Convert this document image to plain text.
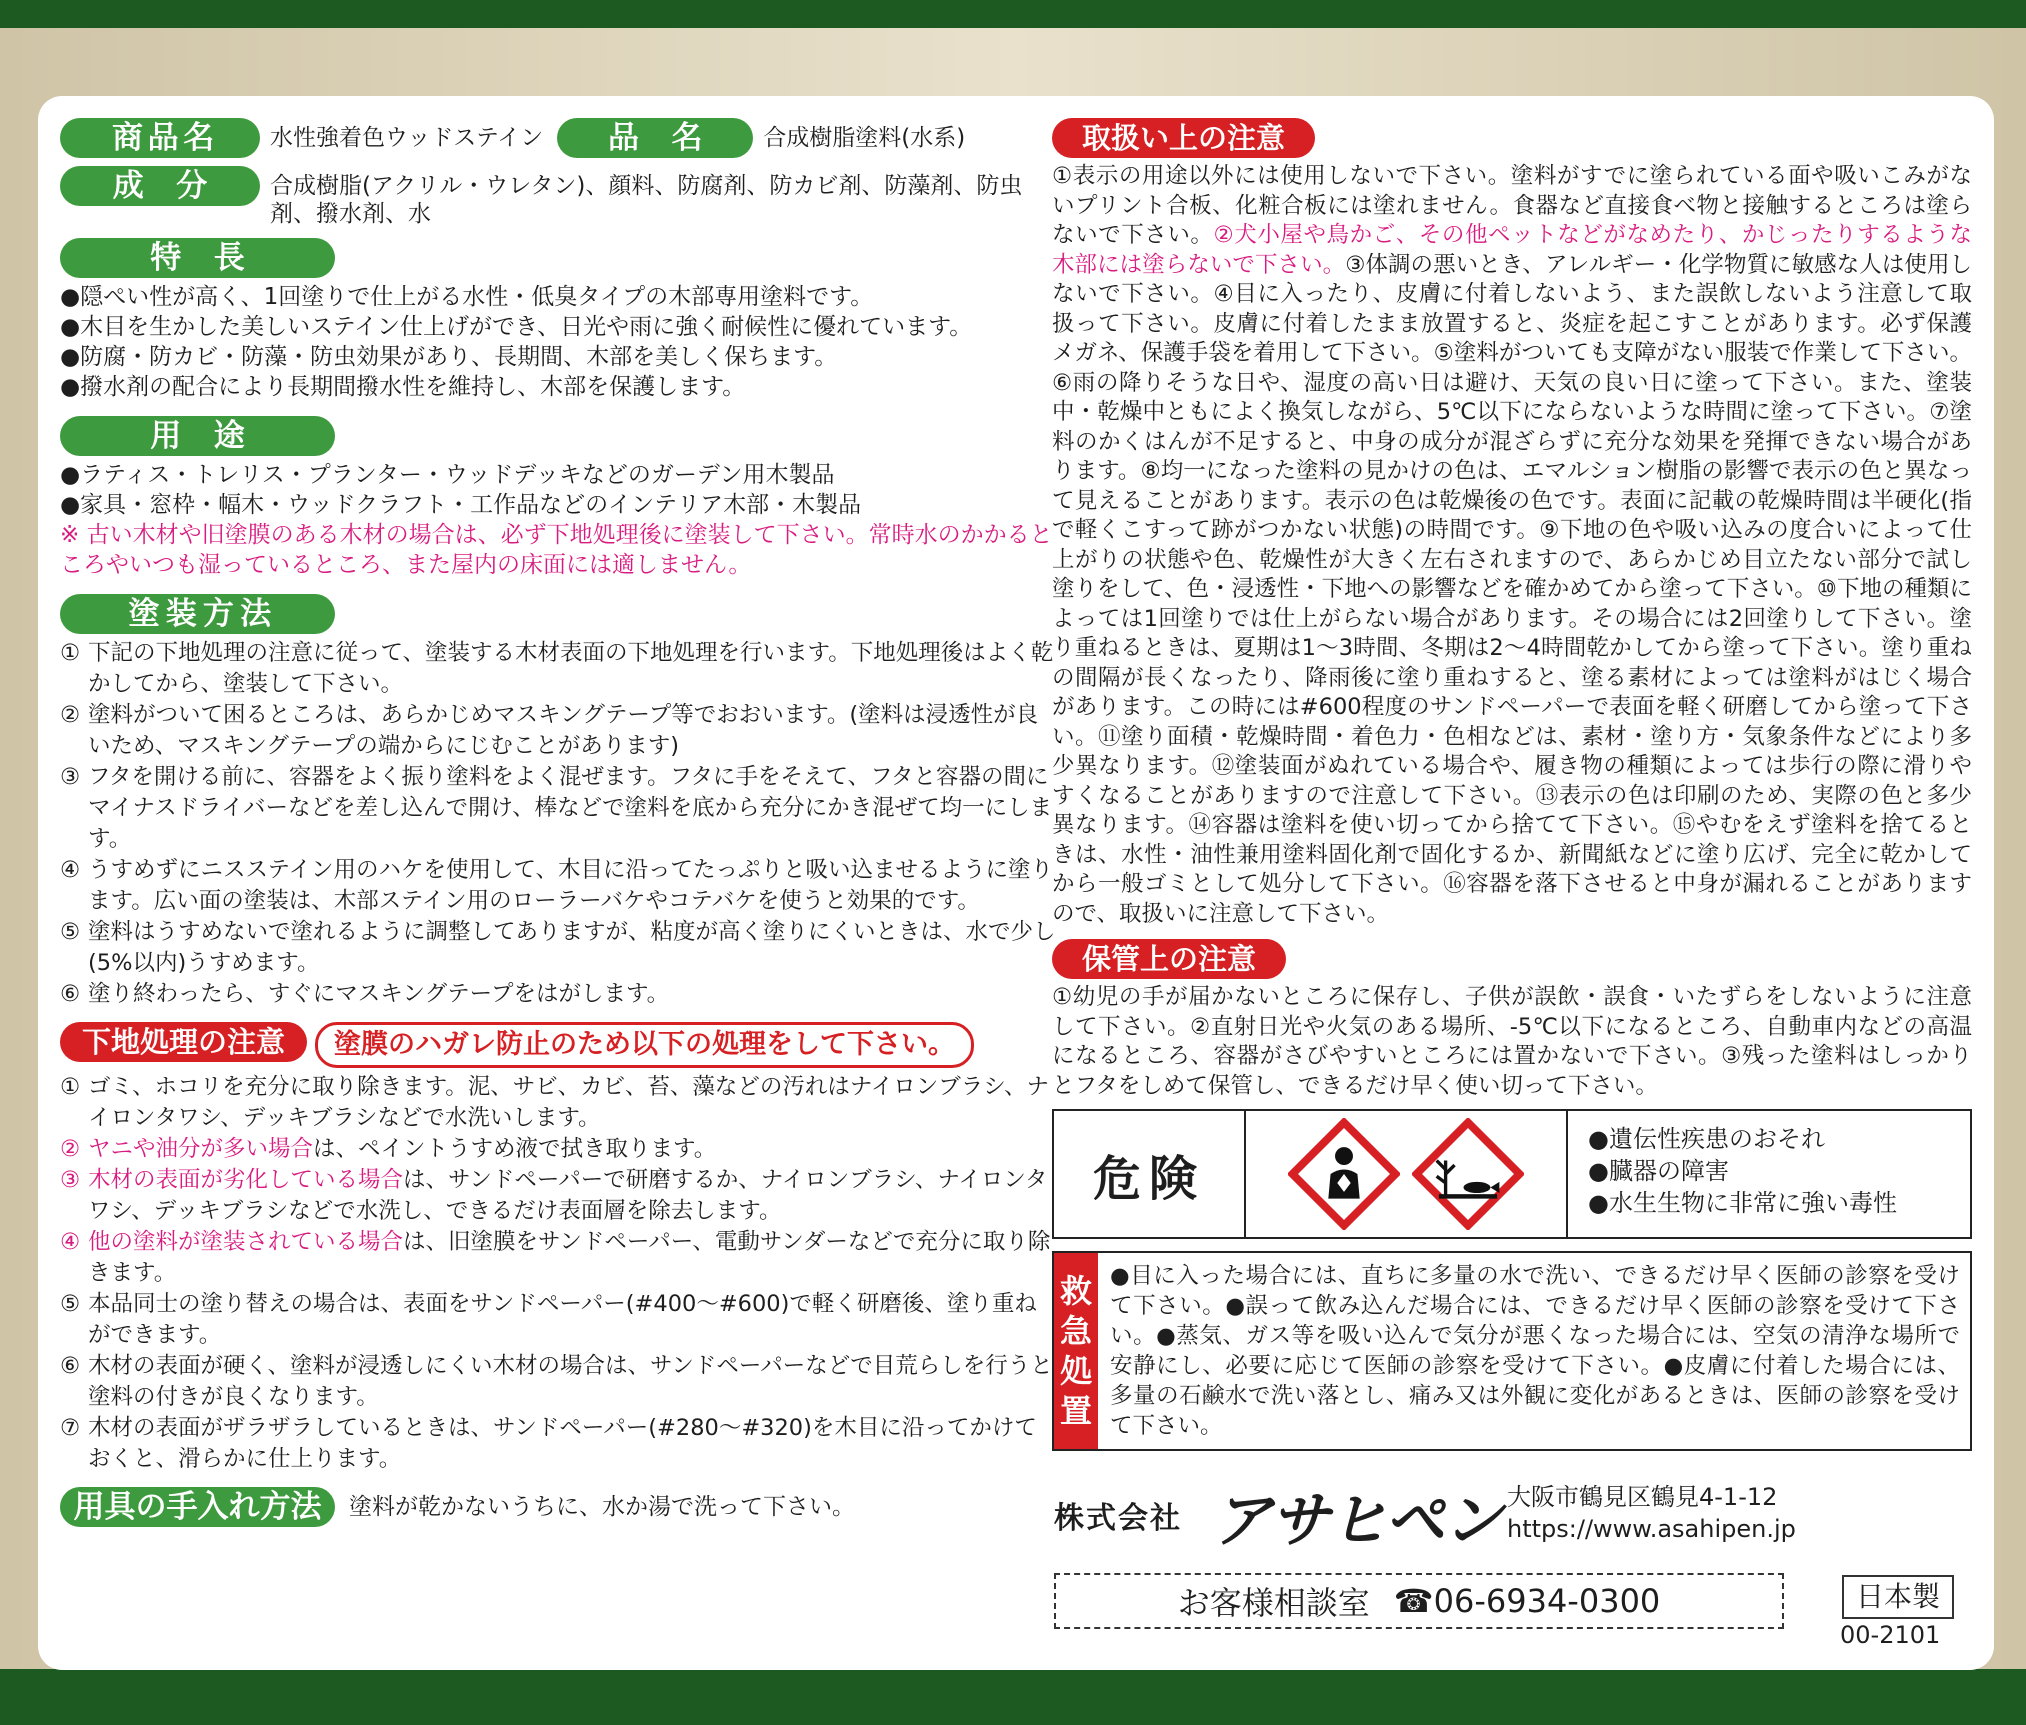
商品名	水性強着色ウッドステイン	品 名	合成樹脂塗料(水系)
成 分	合成樹脂(アクリル・ウレタン)、顔料、防腐剤、防カビ剤、防藻剤、防虫剤、撥水剤、水
特 長
●隠ぺい性が高く、1回塗りで仕上がる水性・低臭タイプの木部専用塗料です。
●木目を生かした美しいステイン仕上げができ、日光や雨に強く耐候性に優れています。
●防腐・防カビ・防藻・防虫効果があり、長期間、木部を美しく保ちます。
●撥水剤の配合により長期間撥水性を維持し、木部を保護します。
用 途
●ラティス・トレリス・プランター・ウッドデッキなどのガーデン用木製品
●家具・窓枠・幅木・ウッドクラフト・工作品などのインテリア木部・木製品
※ 古い木材や旧塗膜のある木材の場合は、必ず下地処理後に塗装して下さい。常時水のかかるところやいつも湿っているところ、また屋内の床面には適しません。
塗装方法
① 下記の下地処理の注意に従って、塗装する木材表面の下地処理を行います。下地処理後はよく乾かしてから、塗装して下さい。
② 塗料がついて困るところは、あらかじめマスキングテープ等でおおいます。(塗料は浸透性が良いため、マスキングテープの端からにじむことがあります)
③ フタを開ける前に、容器をよく振り塗料をよく混ぜます。フタに手をそえて、フタと容器の間にマイナスドライバーなどを差し込んで開け、棒などで塗料を底から充分にかき混ぜて均一にします。
④ うすめずにニスステイン用のハケを使用して、木目に沿ってたっぷりと吸い込ませるように塗ります。広い面の塗装は、木部ステイン用のローラーバケやコテバケを使うと効果的です。
⑤ 塗料はうすめないで塗れるように調整してありますが、粘度が高く塗りにくいときは、水で少し(5%以内)うすめます。
⑥ 塗り終わったら、すぐにマスキングテープをはがします。
下地処理の注意	塗膜のハガレ防止のため以下の処理をして下さい。
① ゴミ、ホコリを充分に取り除きます。泥、サビ、カビ、苔、藻などの汚れはナイロンブラシ、ナイロンタワシ、デッキブラシなどで水洗いします。
② ヤニや油分が多い場合は、ペイントうすめ液で拭き取ります。
③ 木材の表面が劣化している場合は、サンドペーパーで研磨するか、ナイロンブラシ、ナイロンタワシ、デッキブラシなどで水洗し、できるだけ表面層を除去します。
④ 他の塗料が塗装されている場合は、旧塗膜をサンドペーパー、電動サンダーなどで充分に取り除きます。
⑤ 本品同士の塗り替えの場合は、表面をサンドペーパー(#400〜#600)で軽く研磨後、塗り重ねができます。
⑥ 木材の表面が硬く、塗料が浸透しにくい木材の場合は、サンドペーパーなどで目荒らしを行うと塗料の付きが良くなります。
⑦ 木材の表面がザラザラしているときは、サンドペーパー(#280〜#320)を木目に沿ってかけておくと、滑らかに仕上ります。
用具の手入れ方法	塗料が乾かないうちに、水か湯で洗って下さい。
取扱い上の注意
①表示の用途以外には使用しないで下さい。塗料がすでに塗られている面や吸いこみがないプリント合板、化粧合板には塗れません。食器など直接食べ物と接触するところは塗らないで下さい。②犬小屋や鳥かご、その他ペットなどがなめたり、かじったりするような木部には塗らないで下さい。③体調の悪いとき、アレルギー・化学物質に敏感な人は使用しないで下さい。④目に入ったり、皮膚に付着しないよう、また誤飲しないよう注意して取扱って下さい。皮膚に付着したまま放置すると、炎症を起こすことがあります。必ず保護メガネ、保護手袋を着用して下さい。⑤塗料がついても支障がない服装で作業して下さい。⑥雨の降りそうな日や、湿度の高い日は避け、天気の良い日に塗って下さい。また、塗装中・乾燥中ともによく換気しながら、5℃以下にならないような時間に塗って下さい。⑦塗料のかくはんが不足すると、中身の成分が混ざらずに充分な効果を発揮できない場合があります。⑧均一になった塗料の見かけの色は、エマルション樹脂の影響で表示の色と異なって見えることがあります。表示の色は乾燥後の色です。表面に記載の乾燥時間は半硬化(指で軽くこすって跡がつかない状態)の時間です。⑨下地の色や吸い込みの度合いによって仕上がりの状態や色、乾燥性が大きく左右されますので、あらかじめ目立たない部分で試し塗りをして、色・浸透性・下地への影響などを確かめてから塗って下さい。⑩下地の種類によっては1回塗りでは仕上がらない場合があります。その場合には2回塗りして下さい。塗り重ねるときは、夏期は1〜3時間、冬期は2〜4時間乾かしてから塗って下さい。塗り重ねの間隔が長くなったり、降雨後に塗り重ねすると、塗る素材によっては塗料がはじく場合があります。この時には#600程度のサンドペーパーで表面を軽く研磨してから塗って下さい。⑪塗り面積・乾燥時間・着色力・色相などは、素材・塗り方・気象条件などにより多少異なります。⑫塗装面がぬれている場合や、履き物の種類によっては歩行の際に滑りやすくなることがありますので注意して下さい。⑬表示の色は印刷のため、実際の色と多少異なります。⑭容器は塗料を使い切ってから捨てて下さい。⑮やむをえず塗料を捨てるときは、水性・油性兼用塗料固化剤で固化するか、新聞紙などに塗り広げ、完全に乾かしてから一般ゴミとして処分して下さい。⑯容器を落下させると中身が漏れることがありますので、取扱いに注意して下さい。
保管上の注意
①幼児の手が届かないところに保存し、子供が誤飲・誤食・いたずらをしないように注意して下さい。②直射日光や火気のある場所、-5℃以下になるところ、自動車内などの高温になるところ、容器がさびやすいところには置かないで下さい。③残った塗料はしっかりとフタをしめて保管し、できるだけ早く使い切って下さい。
危険
●遺伝性疾患のおそれ
●臓器の障害
●水生生物に非常に強い毒性
救
急
処
置
●目に入った場合には、直ちに多量の水で洗い、できるだけ早く医師の診察を受けて下さい。●誤って飲み込んだ場合には、できるだけ早く医師の診察を受けて下さい。●蒸気、ガス等を吸い込んで気分が悪くなった場合には、空気の清浄な場所で安静にし、必要に応じて医師の診察を受けて下さい。●皮膚に付着した場合には、多量の石鹸水で洗い落とし、痛み又は外観に変化があるときは、医師の診察を受けて下さい。
株式会社 アサヒペン 大阪市鶴見区鶴見4-1-12
https://www.asahipen.jp
お客様相談室 ☎06-6934-0300	日本製
00-2101
